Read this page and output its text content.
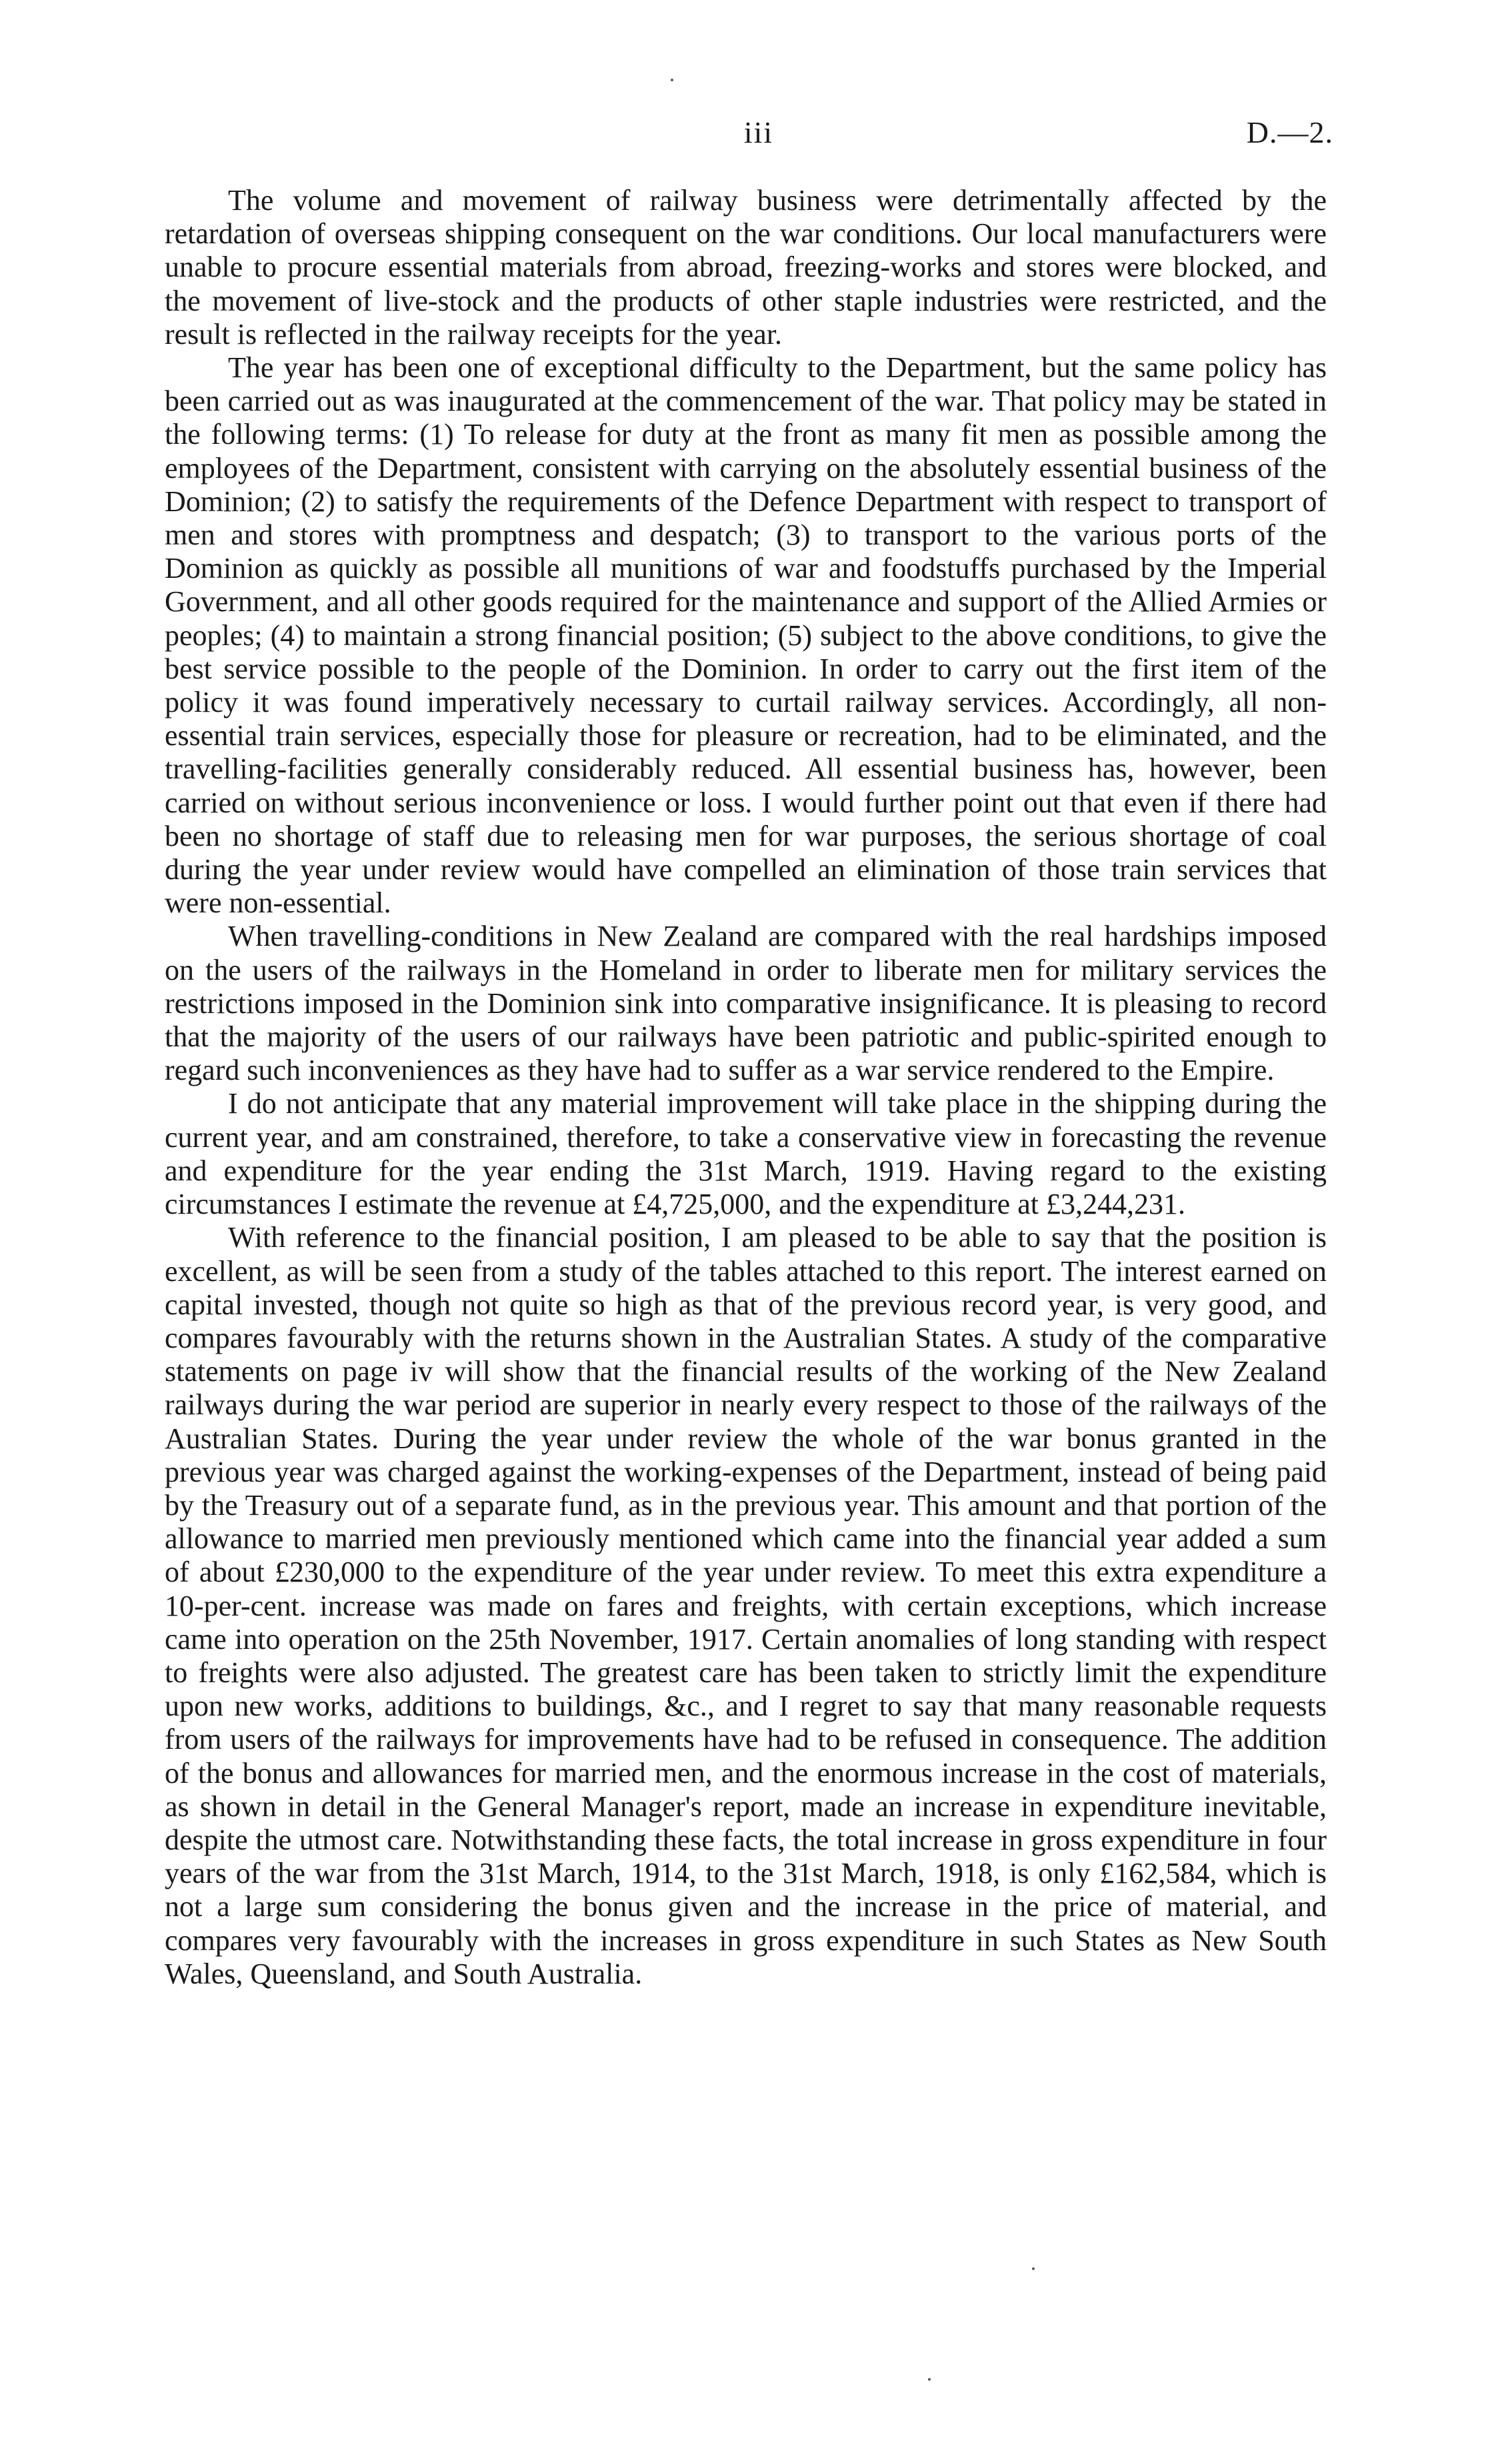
iii	D.—2.

The volume and movement of railway business were detrimentally affected by the retardation of overseas shipping consequent on the war conditions. Our local manufacturers were unable to procure essential materials from abroad, freezing-works and stores were blocked, and the movement of live-stock and the products of other staple industries were restricted, and the result is reflected in the railway receipts for the year.

The year has been one of exceptional difficulty to the Department, but the same policy has been carried out as was inaugurated at the commencement of the war. That policy may be stated in the following terms: (1) To release for duty at the front as many fit men as possible among the employees of the Department, consistent with carrying on the absolutely essential business of the Dominion; (2) to satisfy the requirements of the Defence Department with respect to transport of men and stores with promptness and despatch; (3) to transport to the various ports of the Dominion as quickly as possible all munitions of war and foodstuffs purchased by the Imperial Government, and all other goods required for the maintenance and support of the Allied Armies or peoples; (4) to maintain a strong financial position; (5) subject to the above conditions, to give the best service possible to the people of the Dominion. In order to carry out the first item of the policy it was found imperatively necessary to curtail railway services. Accordingly, all non-essential train services, especially those for pleasure or recreation, had to be eliminated, and the travelling-facilities generally considerably reduced. All essential business has, however, been carried on without serious inconvenience or loss. I would further point out that even if there had been no shortage of staff due to releasing men for war purposes, the serious shortage of coal during the year under review would have compelled an elimination of those train services that were non-essential.

When travelling-conditions in New Zealand are compared with the real hardships imposed on the users of the railways in the Homeland in order to liberate men for military services the restrictions imposed in the Dominion sink into comparative insignificance. It is pleasing to record that the majority of the users of our railways have been patriotic and public-spirited enough to regard such inconveniences as they have had to suffer as a war service rendered to the Empire.

I do not anticipate that any material improvement will take place in the shipping during the current year, and am constrained, therefore, to take a conservative view in forecasting the revenue and expenditure for the year ending the 31st March, 1919. Having regard to the existing circumstances I estimate the revenue at £4,725,000, and the expenditure at £3,244,231.

With reference to the financial position, I am pleased to be able to say that the position is excellent, as will be seen from a study of the tables attached to this report. The interest earned on capital invested, though not quite so high as that of the previous record year, is very good, and compares favourably with the returns shown in the Australian States. A study of the comparative statements on page iv will show that the financial results of the working of the New Zealand railways during the war period are superior in nearly every respect to those of the railways of the Australian States. During the year under review the whole of the war bonus granted in the previous year was charged against the working-expenses of the Department, instead of being paid by the Treasury out of a separate fund, as in the previous year. This amount and that portion of the allowance to married men previously mentioned which came into the financial year added a sum of about £230,000 to the expenditure of the year under review. To meet this extra expenditure a 10-per-cent. increase was made on fares and freights, with certain exceptions, which increase came into operation on the 25th November, 1917. Certain anomalies of long standing with respect to freights were also adjusted. The greatest care has been taken to strictly limit the expenditure upon new works, additions to buildings, &c., and I regret to say that many reasonable requests from users of the railways for improvements have had to be refused in consequence. The addition of the bonus and allowances for married men, and the enormous increase in the cost of materials, as shown in detail in the General Manager's report, made an increase in expenditure inevitable, despite the utmost care. Notwithstanding these facts, the total increase in gross expenditure in four years of the war from the 31st March, 1914, to the 31st March, 1918, is only £162,584, which is not a large sum considering the bonus given and the increase in the price of material, and compares very favourably with the increases in gross expenditure in such States as New South Wales, Queensland, and South Australia.
